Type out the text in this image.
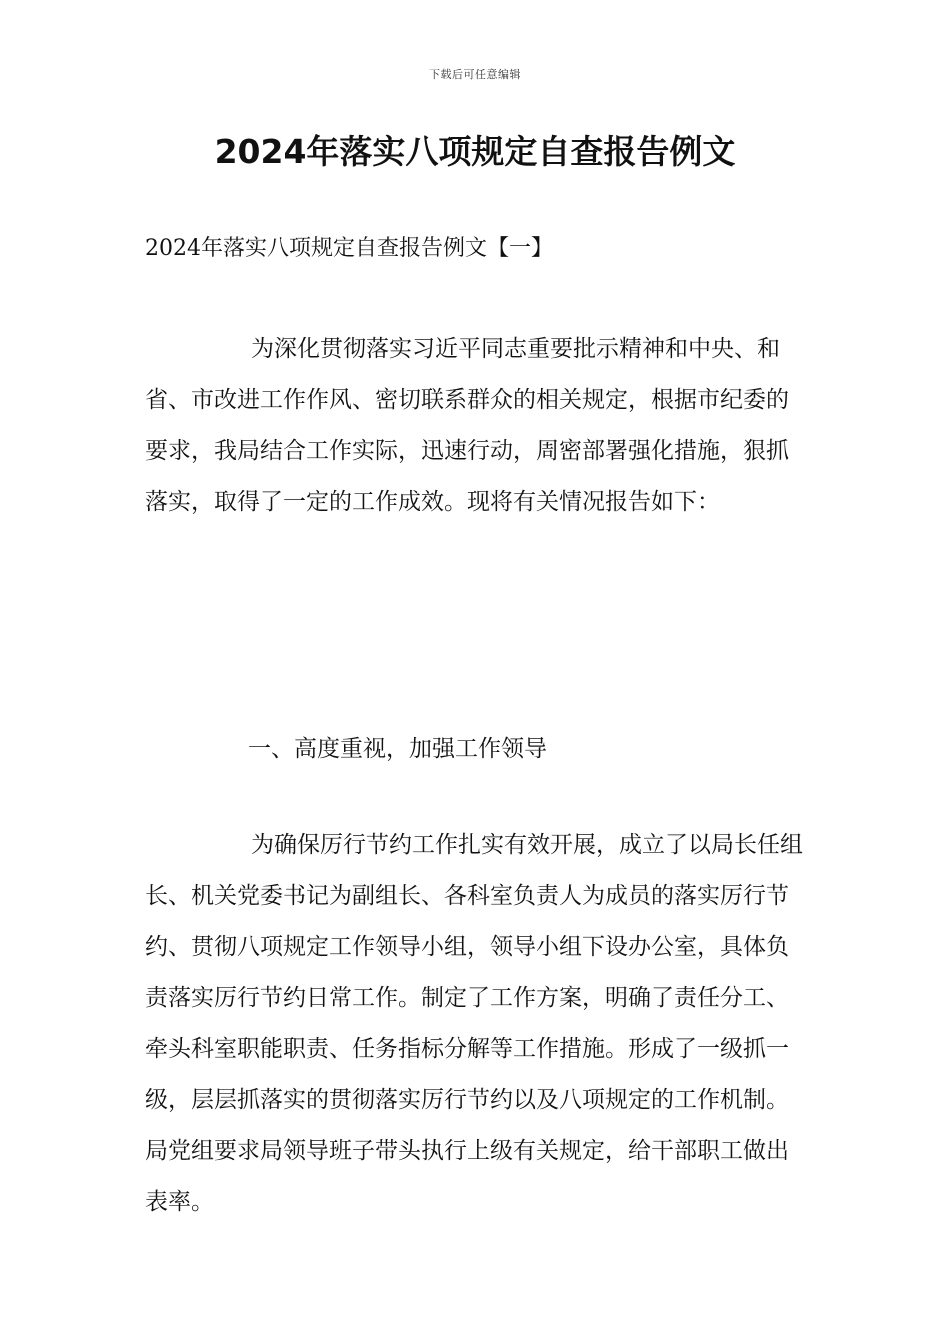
下载后可任意编辑
2024年落实八项规定自查报告例文

2024年落实八项规定自查报告例文【一】

为深化贯彻落实习近平同志重要批示精神和中央、和省、市改进工作作风、密切联系群众的相关规定，根据市纪委的要求，我局结合工作实际，迅速行动，周密部署强化措施，狠抓落实，取得了一定的工作成效。现将有关情况报告如下：

一、高度重视，加强工作领导

为确保厉行节约工作扎实有效开展，成立了以局长任组长、机关党委书记为副组长、各科室负责人为成员的落实厉行节约、贯彻八项规定工作领导小组，领导小组下设办公室，具体负责落实厉行节约日常工作。制定了工作方案，明确了责任分工、牵头科室职能职责、任务指标分解等工作措施。形成了一级抓一级，层层抓落实的贯彻落实厉行节约以及八项规定的工作机制。局党组要求局领导班子带头执行上级有关规定，给干部职工做出表率。
